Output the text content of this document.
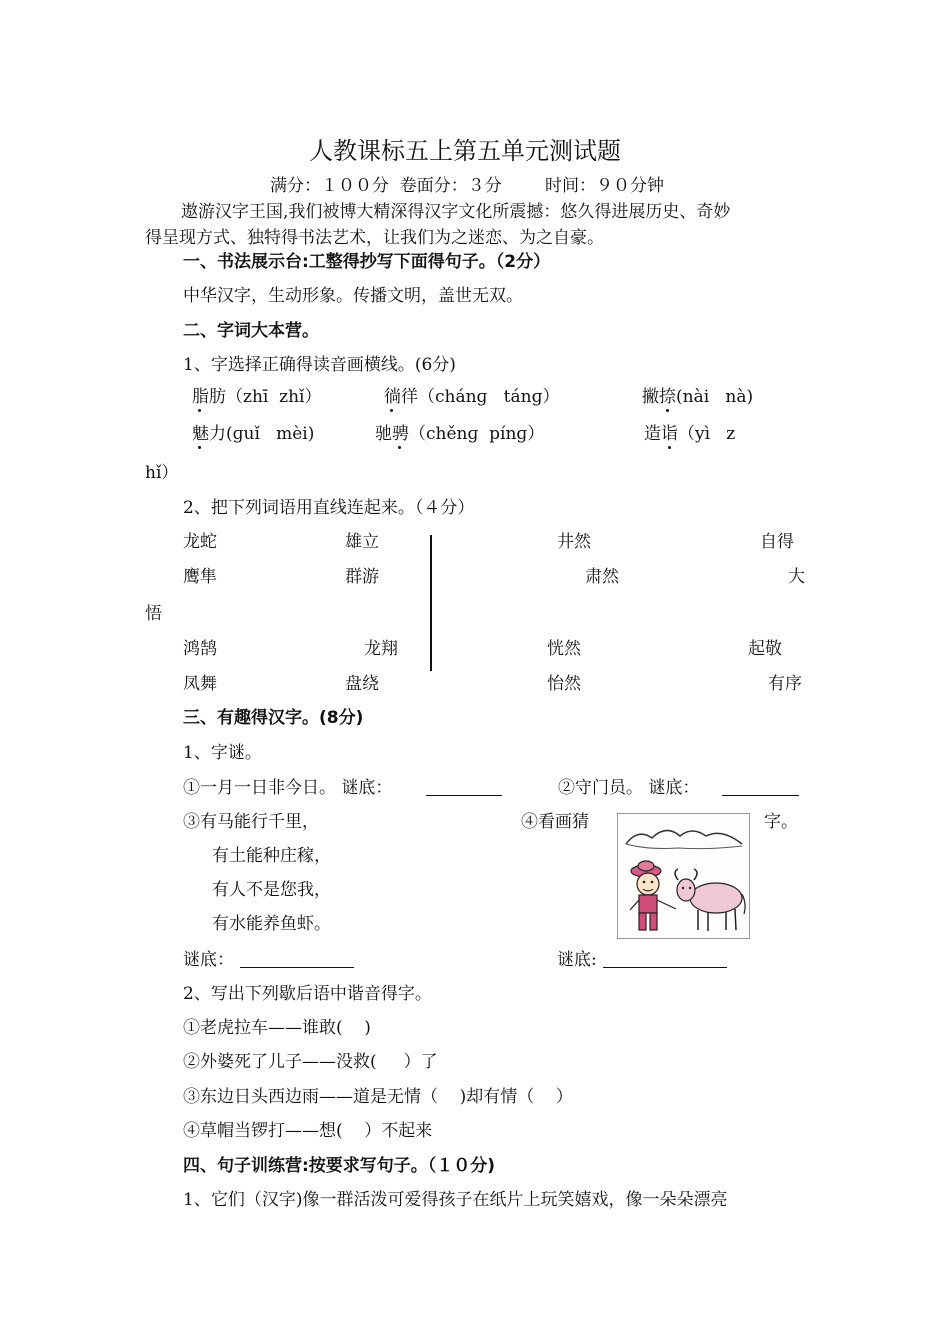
人教课标五上第五单元测试题
满分：１００分  卷面分：３分        时间：９０分钟
遨游汉字王国,我们被博大精深得汉字文化所震撼：悠久得进展历史、奇妙
得呈现方式、独特得书法艺术，让我们为之迷恋、为之自豪。
一、书法展示台:工整得抄写下面得句子。（2分）
中华汉字，生动形象。传播文明，盖世无双。
二、字词大本营。
1、字选择正确得读音画横线。(6分)
脂肪（zhī  zhǐ）	徜徉（chánɡ   tánɡ）	撇捺(nài   nà)
魅力(ɡuǐ   mèi)	驰骋（chěnɡ  pínɡ）	造诣（yì   z
hǐ）
2、把下列词语用直线连起来。（４分）
龙蛇	雄立	井然	自得
鹰隼	群游	肃然	大
悟
鸿鹄	龙翔	恍然	起敬
凤舞	盘绕	怡然	有序
三、有趣得汉字。(8分)
1、字谜。
①一月一日非今日。 谜底：	②守门员。 谜底：
③有马能行千里，
有土能种庄稼，
有人不是您我，
有水能养鱼虾。
④看画猜	字。
谜底：	谜底:
2、写出下列歇后语中谐音得字。
①老虎拉车——谁敢(    )
②外婆死了儿子——没救(     ）了
③东边日头西边雨——道是无情（    )却有情（    ）
④草帽当锣打——想(    ）不起来
四、句子训练营:按要求写句子。（１０分)
1、它们（汉字)像一群活泼可爱得孩子在纸片上玩笑嬉戏，像一朵朵漂亮
